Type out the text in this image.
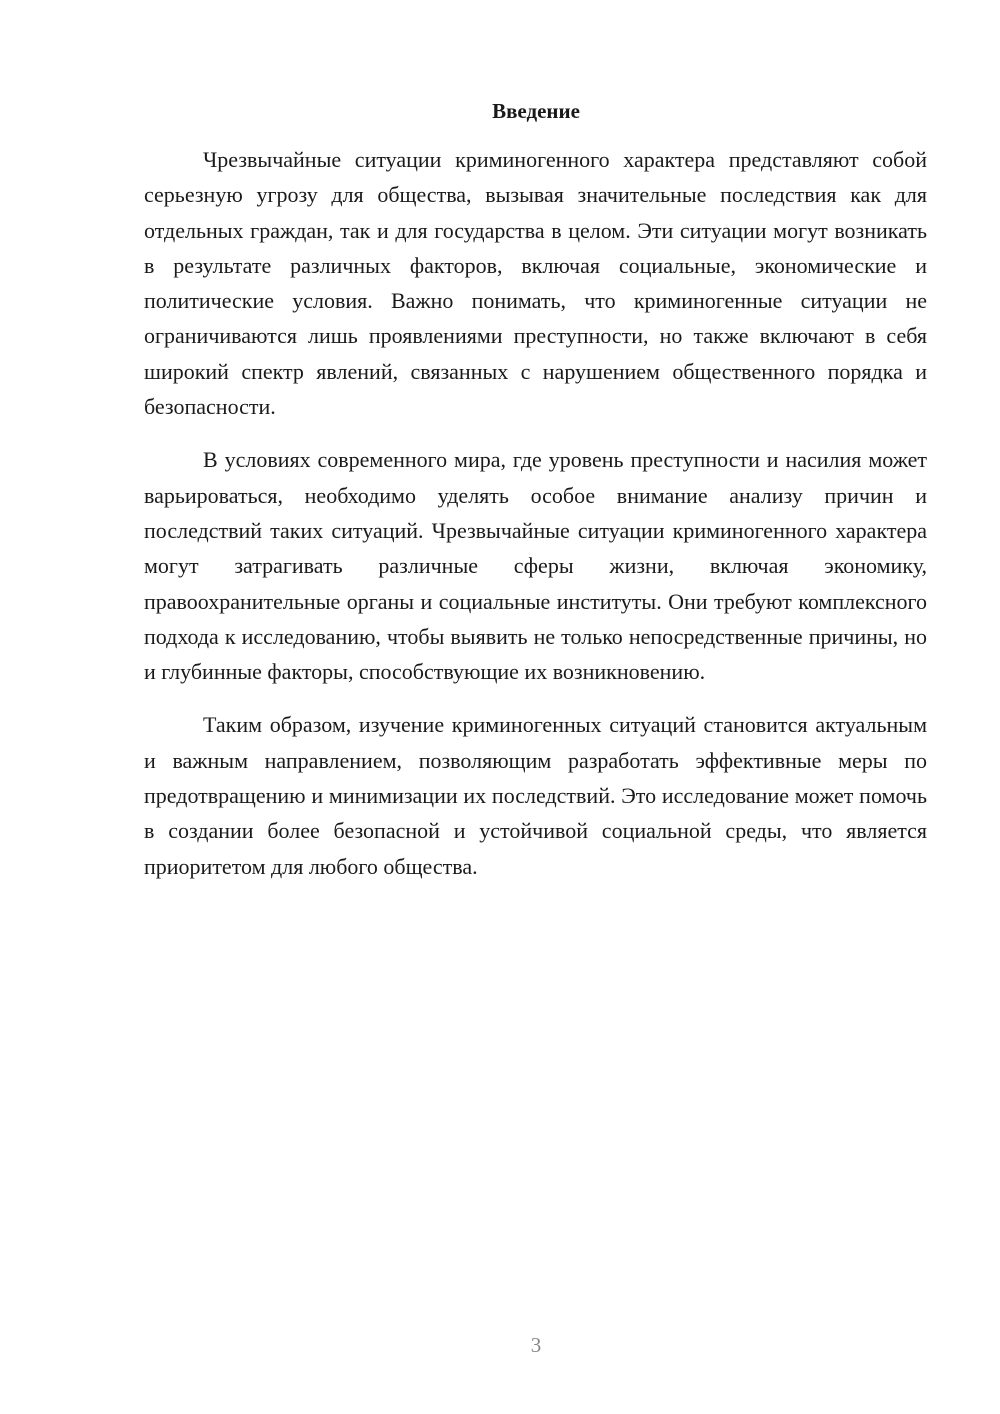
Введение

Чрезвычайные ситуации криминогенного характера представляют собой серьезную угрозу для общества, вызывая значительные последствия как для отдельных граждан, так и для государства в целом. Эти ситуации могут возникать в результате различных факторов, включая социальные, экономические и политические условия. Важно понимать, что криминогенные ситуации не ограничиваются лишь проявлениями преступности, но также включают в себя широкий спектр явлений, связанных с нарушением общественного порядка и безопасности.

В условиях современного мира, где уровень преступности и насилия может варьироваться, необходимо уделять особое внимание анализу причин и последствий таких ситуаций. Чрезвычайные ситуации криминогенного характера могут затрагивать различные сферы жизни, включая экономику, правоохранительные органы и социальные институты. Они требуют комплексного подхода к исследованию, чтобы выявить не только непосредственные причины, но и глубинные факторы, способствующие их возникновению.

Таким образом, изучение криминогенных ситуаций становится актуальным и важным направлением, позволяющим разработать эффективные меры по предотвращению и минимизации их последствий. Это исследование может помочь в создании более безопасной и устойчивой социальной среды, что является приоритетом для любого общества.

3
